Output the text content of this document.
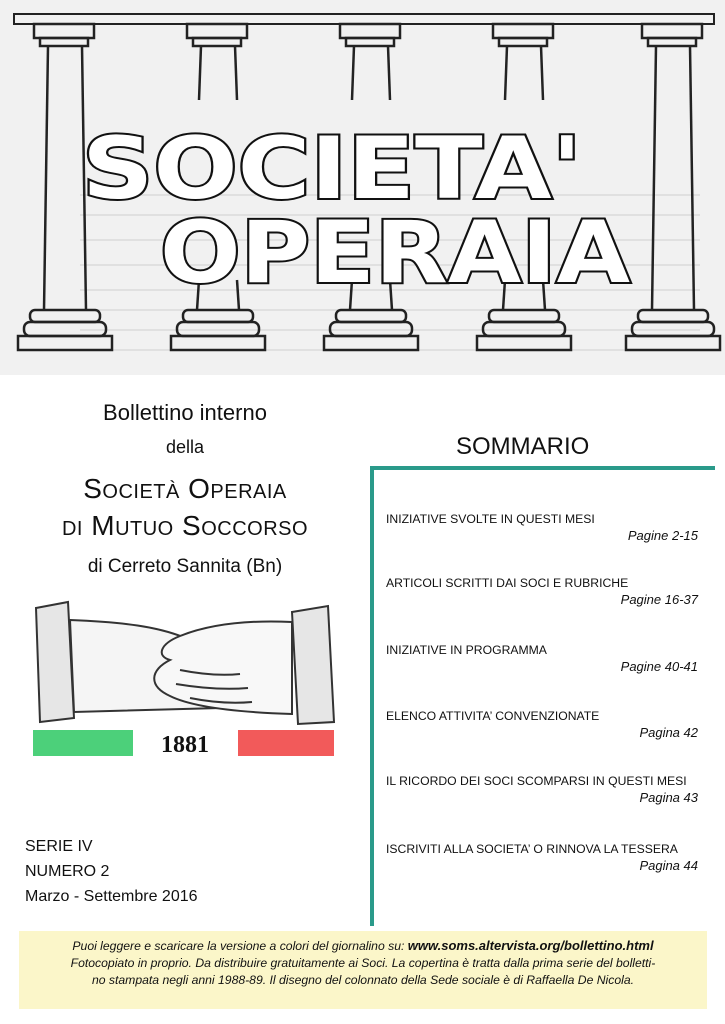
SOCIETA'
OPERAIA
Bollettino interno
della
Società Operaia
di Mutuo Soccorso
di Cerreto Sannita (Bn)
1881
SERIE IV
NUMERO 2
Marzo - Settembre 2016
SOMMARIO
INIZIATIVE SVOLTE IN QUESTI MESI
Pagine 2-15
ARTICOLI SCRITTI DAI SOCI E RUBRICHE
Pagine 16-37
INIZIATIVE IN PROGRAMMA
Pagine 40-41
ELENCO ATTIVITA’ CONVENZIONATE
Pagina 42
IL RICORDO DEI SOCI SCOMPARSI IN QUESTI MESI
Pagina 43
ISCRIVITI ALLA SOCIETA’ O RINNOVA LA TESSERA
Pagina 44
Puoi leggere e scaricare la versione a colori del giornalino su: www.soms.altervista.org/bollettino.html
Fotocopiato in proprio. Da distribuire gratuitamente ai Soci. La copertina è tratta dalla prima serie del bolletti-
no stampata negli anni 1988-89. Il disegno del colonnato della Sede sociale è di Raffaella De Nicola.
